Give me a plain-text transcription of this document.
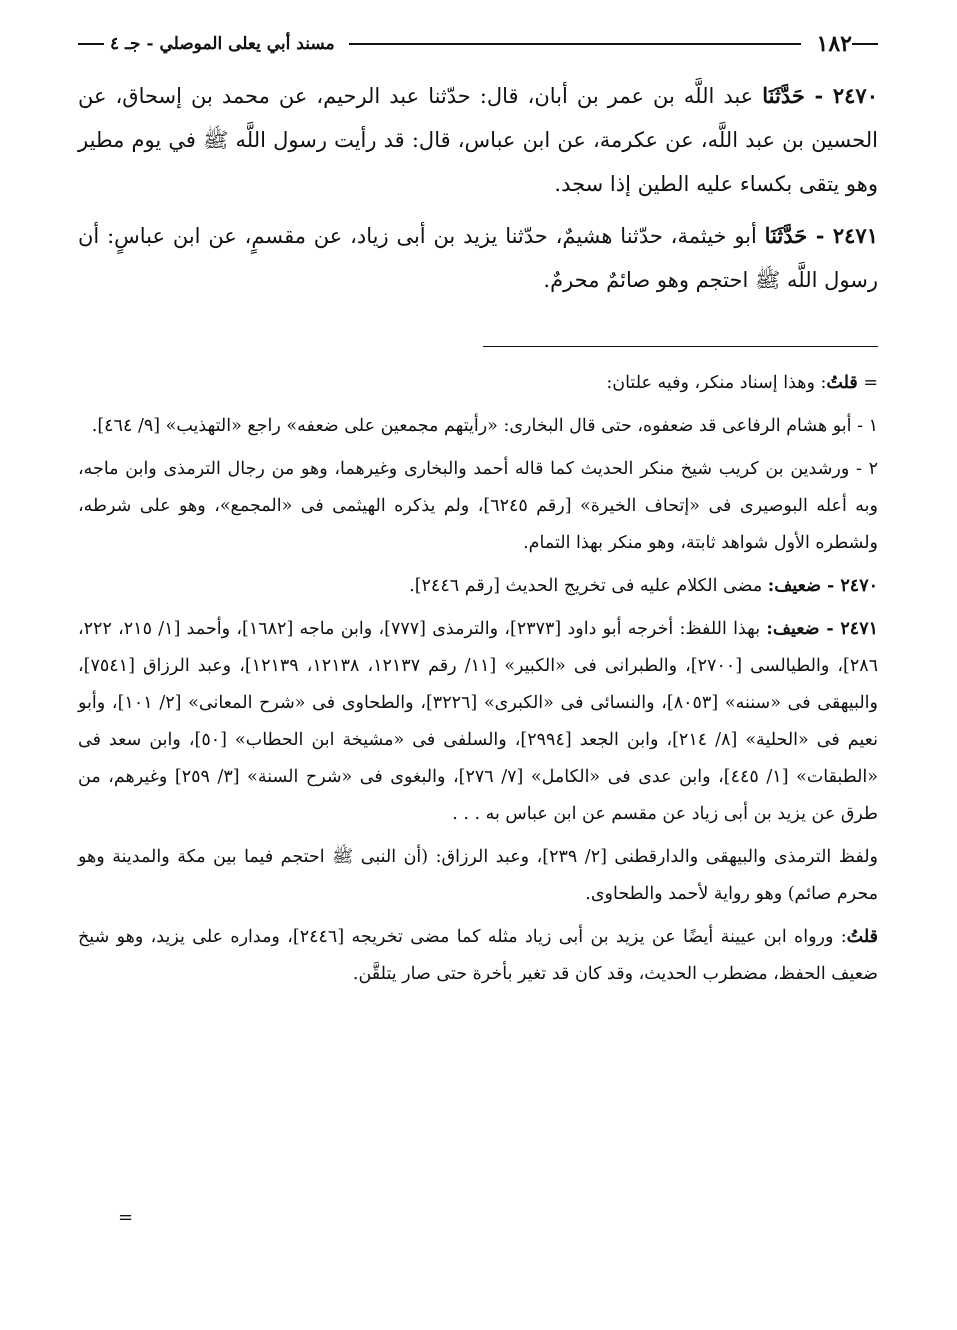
١٨٢
مسند أبي يعلى الموصلي - جـ ٤

٢٤٧٠ - حَدَّثَنَا عبد اللَّه بن عمر بن أبان، قال: حدّثنا عبد الرحيم، عن محمد بن إسحاق، عن الحسين بن عبد اللَّه، عن عكرمة، عن ابن عباس، قال: قد رأيت رسول اللَّه ﷺ في يوم مطير وهو يتقى بكساء عليه الطين إذا سجد.

٢٤٧١ - حَدَّثَنَا أبو خيثمة، حدّثنا هشيمٌ، حدّثنا يزيد بن أبى زياد، عن مقسمٍ، عن ابن عباسٍ: أن رسول اللَّه ﷺ احتجم وهو صائمٌ محرمٌ.

= قلتُ: وهذا إسناد منكر، وفيه علتان:

١ - أبو هشام الرفاعى قد ضعفوه، حتى قال البخارى: «رأيتهم مجمعين على ضعفه» راجع «التهذيب» [٩/ ٤٦٤].

٢ - ورشدين بن كريب شيخ منكر الحديث كما قاله أحمد والبخارى وغيرهما، وهو من رجال الترمذى وابن ماجه، وبه أعله البوصيرى فى «إتحاف الخيرة» [رقم ٦٢٤٥]، ولم يذكره الهيثمى فى «المجمع»، وهو على شرطه، ولشطره الأول شواهد ثابتة، وهو منكر بهذا التمام.

٢٤٧٠ - ضعيف: مضى الكلام عليه فى تخريج الحديث [رقم ٢٤٤٦].

٢٤٧١ - ضعيف: بهذا اللفظ: أخرجه أبو داود [٢٣٧٣]، والترمذى [٧٧٧]، وابن ماجه [١٦٨٢]، وأحمد [١/ ٢١٥، ٢٢٢، ٢٨٦]، والطيالسى [٢٧٠٠]، والطبرانى فى «الكبير» [١١/ رقم ١٢١٣٧، ١٢١٣٨، ١٢١٣٩]، وعبد الرزاق [٧٥٤١]، والبيهقى فى «سننه» [٨٠٥٣]، والنسائى فى «الكبرى» [٣٢٢٦]، والطحاوى فى «شرح المعانى» [٢/ ١٠١]، وأبو نعيم فى «الحلية» [٨/ ٢١٤]، وابن الجعد [٢٩٩٤]، والسلفى فى «مشيخة ابن الحطاب» [٥٠]، وابن سعد فى «الطبقات» [١/ ٤٤٥]، وابن عدى فى «الكامل» [٧/ ٢٧٦]، والبغوى فى «شرح السنة» [٣/ ٢٥٩] وغيرهم، من طرق عن يزيد بن أبى زياد عن مقسم عن ابن عباس به . . .

ولفظ الترمذى والبيهقى والدارقطنى [٢/ ٢٣٩]، وعبد الرزاق: (أن النبى ﷺ احتجم فيما بين مكة والمدينة وهو محرم صائم) وهو رواية لأحمد والطحاوى.

قلتُ: ورواه ابن عيينة أيضًا عن يزيد بن أبى زياد مثله كما مضى تخريجه [٢٤٤٦]، ومداره على يزيد، وهو شيخ ضعيف الحفظ، مضطرب الحديث، وقد كان قد تغير بأخرة حتى صار يتلقَّن.

=
